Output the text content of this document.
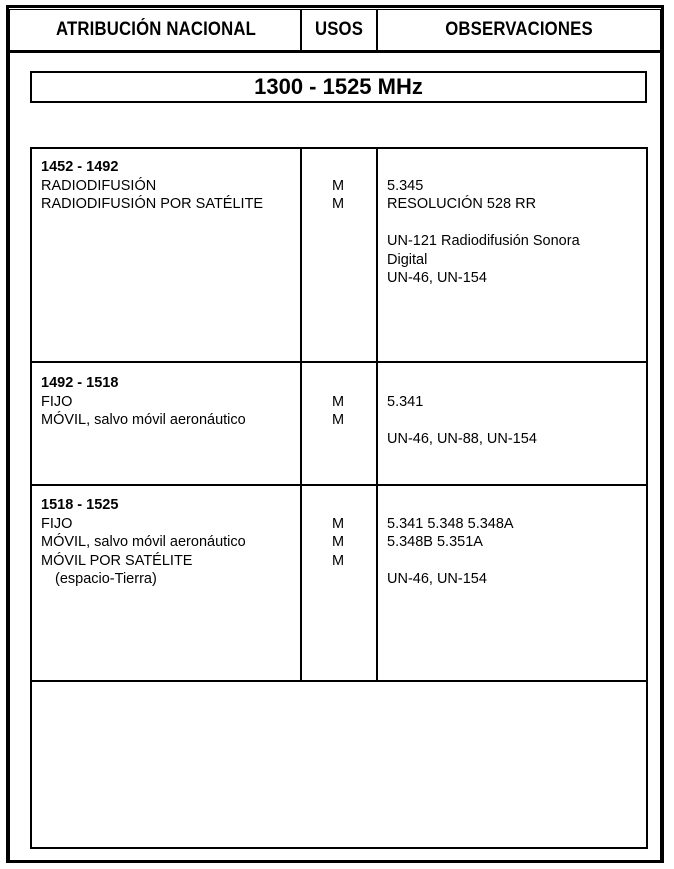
ATRIBUCIÓN NACIONAL	USOS	OBSERVACIONES
1300 - 1525 MHz
1452 - 1492
RADIODIFUSIÓN
RADIODIFUSIÓN POR SATÉLITE
M
M
5.345
RESOLUCIÓN 528 RR
UN-121 Radiodifusión Sonora
Digital
UN-46, UN-154
1492 - 1518
FIJO
MÓVIL, salvo móvil aeronáutico
M
M
5.341
UN-46, UN-88, UN-154
1518 - 1525
FIJO
MÓVIL, salvo móvil aeronáutico
MÓVIL POR SATÉLITE
(espacio-Tierra)
M
M
M
5.341 5.348 5.348A
5.348B 5.351A
UN-46, UN-154
